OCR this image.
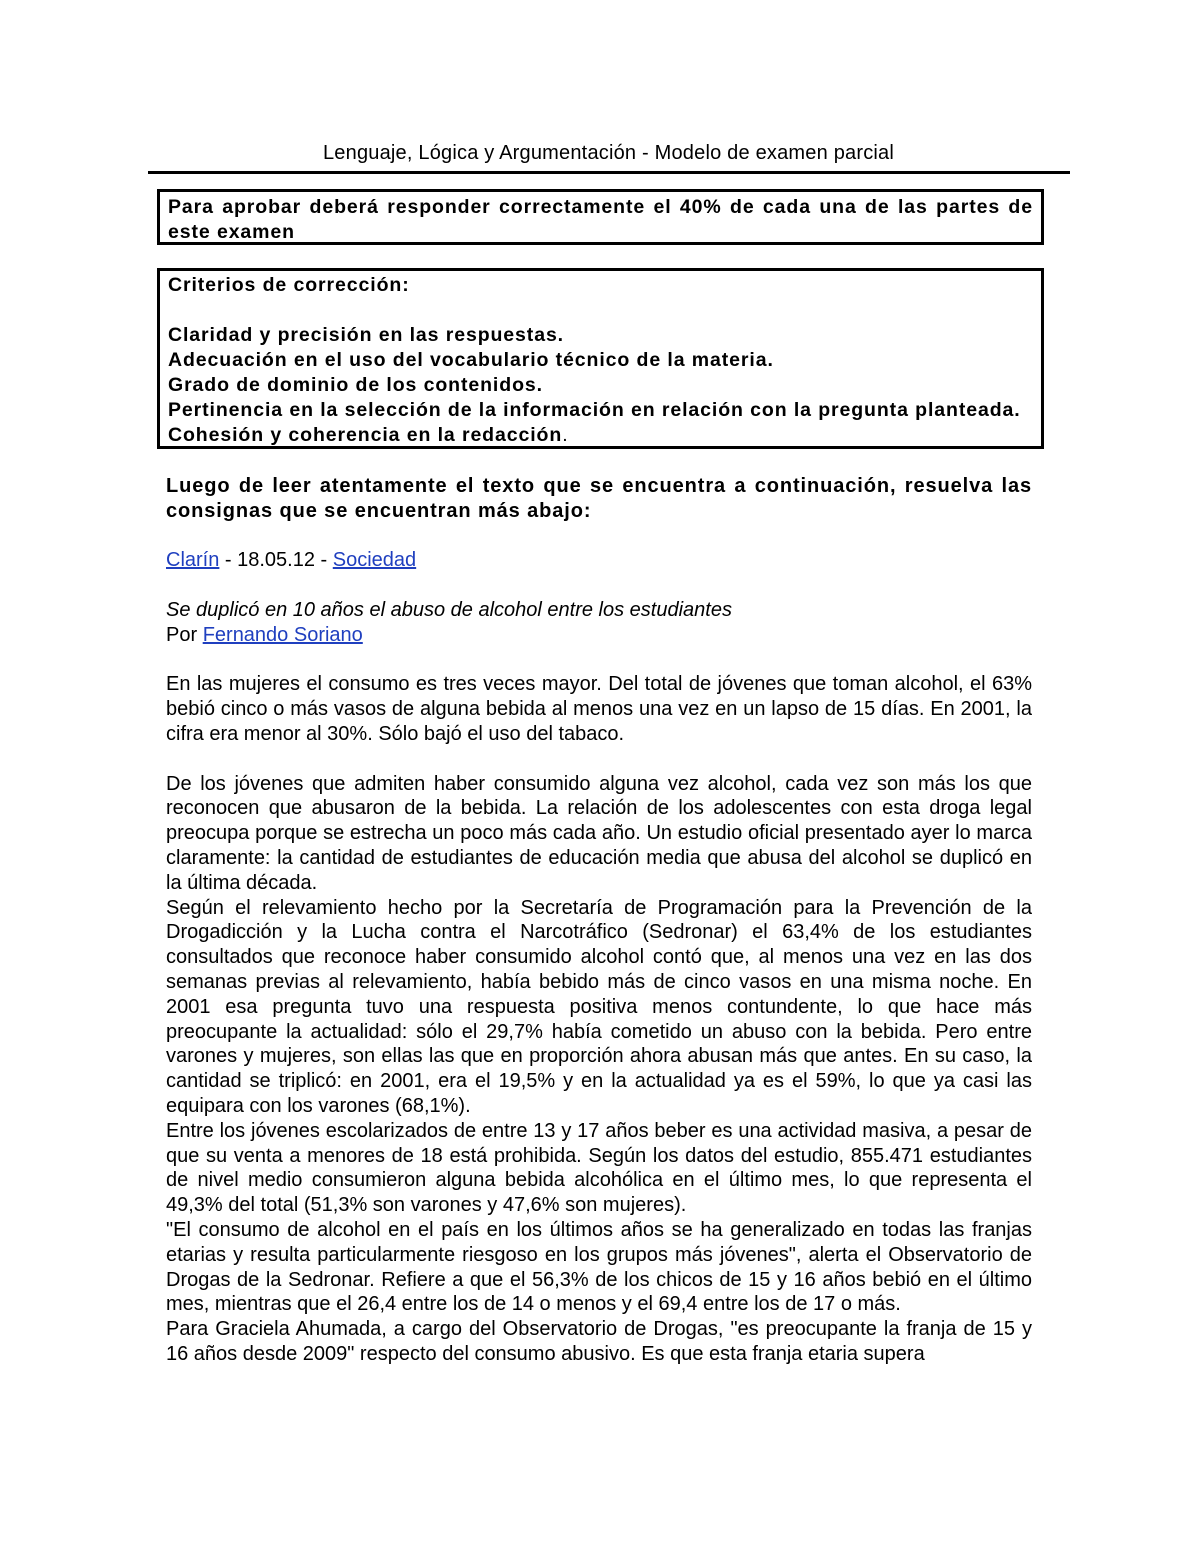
Lenguaje, Lógica y Argumentación - Modelo de examen parcial
Para aprobar deberá responder correctamente el 40% de cada una de las partes de este examen
Criterios de corrección:
Claridad y precisión en las respuestas.
Adecuación en el uso del vocabulario técnico de la materia.
Grado de dominio de los contenidos.
Pertinencia en la selección de la información en relación con la pregunta planteada.
Cohesión y coherencia en la redacción.
Luego de leer atentamente el texto que se encuentra a continuación, resuelva las consignas que se encuentran más abajo:
Clarín - 18.05.12 - Sociedad
Se duplicó en 10 años el abuso de alcohol entre los estudiantes
Por Fernando Soriano

En las mujeres el consumo es tres veces mayor. Del total de jóvenes que toman alcohol, el 63% bebió cinco o más vasos de alguna bebida al menos una vez en un lapso de 15 días. En 2001, la cifra era menor al 30%. Sólo bajó el uso del tabaco.

De los jóvenes que admiten haber consumido alguna vez alcohol, cada vez son más los que reconocen que abusaron de la bebida. La relación de los adolescentes con esta droga legal preocupa porque se estrecha un poco más cada año. Un estudio oficial presentado ayer lo marca claramente: la cantidad de estudiantes de educación media que abusa del alcohol se duplicó en la última década.

Según el relevamiento hecho por la Secretaría de Programación para la Prevención de la Drogadicción y la Lucha contra el Narcotráfico (Sedronar) el 63,4% de los estudiantes consultados que reconoce haber consumido alcohol contó que, al menos una vez en las dos semanas previas al relevamiento, había bebido más de cinco vasos en una misma noche. En 2001 esa pregunta tuvo una respuesta positiva menos contundente, lo que hace más preocupante la actualidad: sólo el 29,7% había cometido un abuso con la bebida. Pero entre varones y mujeres, son ellas las que en proporción ahora abusan más que antes. En su caso, la cantidad se triplicó: en 2001, era el 19,5% y en la actualidad ya es el 59%, lo que ya casi las equipara con los varones (68,1%).

Entre los jóvenes escolarizados de entre 13 y 17 años beber es una actividad masiva, a pesar de que su venta a menores de 18 está prohibida. Según los datos del estudio, 855.471 estudiantes de nivel medio consumieron alguna bebida alcohólica en el último mes, lo que representa el 49,3% del total (51,3% son varones y 47,6% son mujeres).

"El consumo de alcohol en el país en los últimos años se ha generalizado en todas las franjas etarias y resulta particularmente riesgoso en los grupos más jóvenes", alerta el Observatorio de Drogas de la Sedronar. Refiere a que el 56,3% de los chicos de 15 y 16 años bebió en el último mes, mientras que el 26,4 entre los de 14 o menos y el 69,4 entre los de 17 o más.

Para Graciela Ahumada, a cargo del Observatorio de Drogas, "es preocupante la franja de 15 y 16 años desde 2009" respecto del consumo abusivo. Es que esta franja etaria supera
